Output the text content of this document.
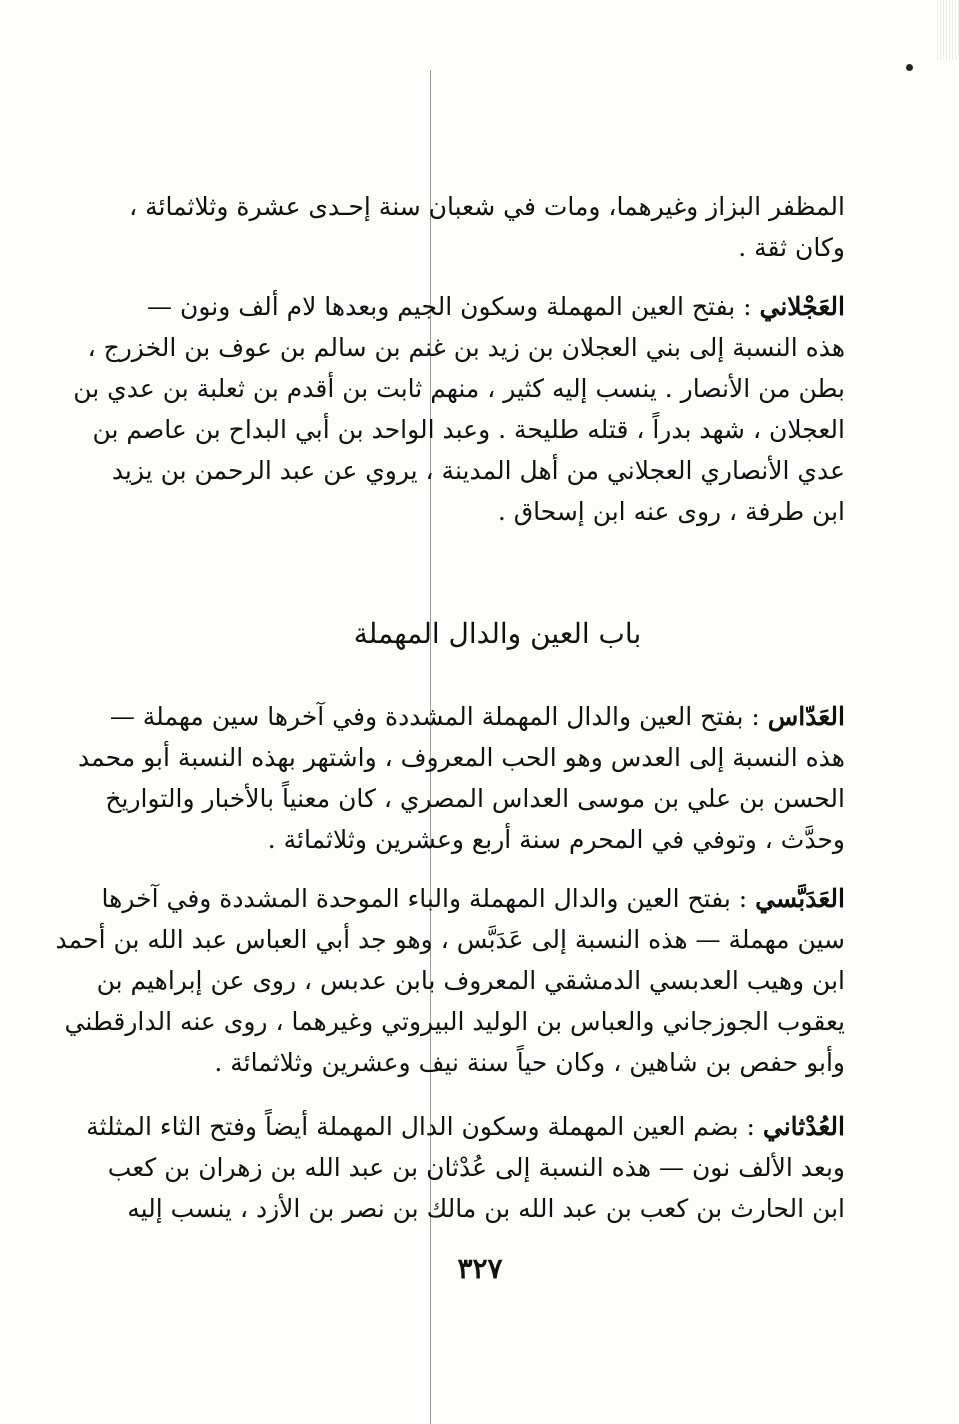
المظفر البزاز وغيرهما، ومات في شعبان سنة إحـدى عشرة وثلاثمائة ،
وكان ثقة .
العَجْلاني : بفتح العين المهملة وسكون الجيم وبعدها لام ألف ونون —
هذه النسبة إلى بني العجلان بن زيد بن غنم بن سالم بن عوف بن الخزرج ،
بطن من الأنصار . ينسب إليه كثير ، منهم ثابت بن أقدم بن ثعلبة بن عدي بن
العجلان ، شهد بدراً ، قتله طليحة . وعبد الواحد بن أبي البداح بن عاصم بن
عدي الأنصاري العجلاني من أهل المدينة ، يروي عن عبد الرحمن بن يزيد
ابن طرفة ، روى عنه ابن إسحاق .
باب العين والدال المهملة
العَدّاس : بفتح العين والدال المهملة المشددة وفي آخرها سين مهملة —
هذه النسبة إلى العدس وهو الحب المعروف ، واشتهر بهذه النسبة أبو محمد
الحسن بن علي بن موسى العداس المصري ، كان معنياً بالأخبار والتواريخ
وحدَّث ، وتوفي في المحرم سنة أربع وعشرين وثلاثمائة .
العَدَبَّسي : بفتح العين والدال المهملة والباء الموحدة المشددة وفي آخرها
سين مهملة — هذه النسبة إلى عَدَبَّس ، وهو جد أبي العباس عبد الله بن أحمد
ابن وهيب العدبسي الدمشقي المعروف بابن عدبس ، روى عن إبراهيم بن
يعقوب الجوزجاني والعباس بن الوليد البيروتي وغيرهما ، روى عنه الدارقطني
وأبو حفص بن شاهين ، وكان حياً سنة نيف وعشرين وثلاثمائة .
العُدْثاني : بضم العين المهملة وسكون الدال المهملة أيضاً وفتح الثاء المثلثة
وبعد الألف نون — هذه النسبة إلى عُدْثان بن عبد الله بن زهران بن كعب
ابن الحارث بن كعب بن عبد الله بن مالك بن نصر بن الأزد ، ينسب إليه
٣٢٧
